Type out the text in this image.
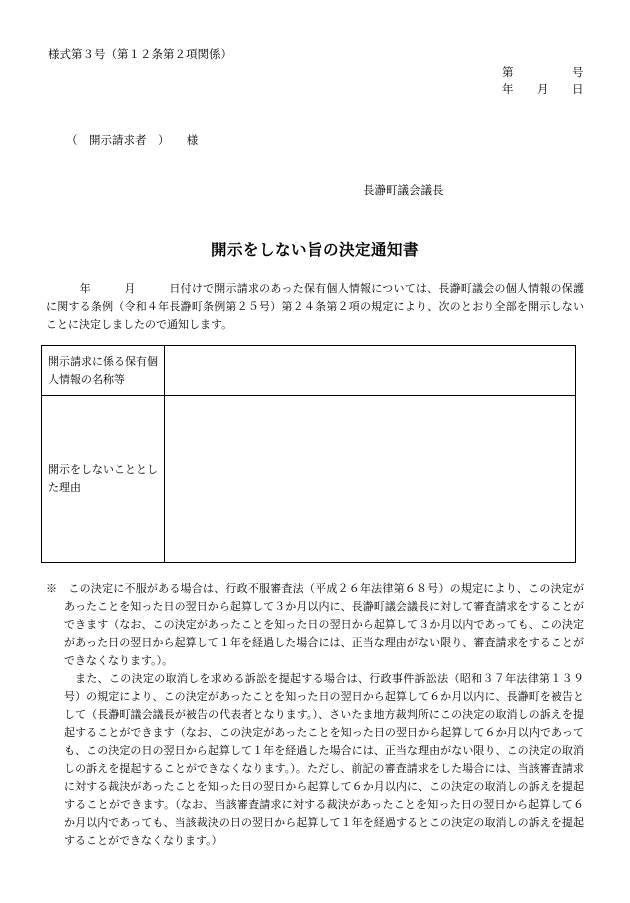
様式第３号（第１２条第２項関係）
第	号
年 月 日
（　開示請求者　）　　様
長瀞町議会議長
開示をしない旨の決定通知書

　　　年　　　月　　　日付けで開示請求のあった保有個人情報については、長瀞町議会の個人情報の保護に関する条例（令和４年長瀞町条例第２５号）第２４条第２項の規定により、次のとおり全部を開示しないことに決定しましたので通知します。

開示請求に係る保有個人情報の名称等	
開示をしないこととした理由	

※　この決定に不服がある場合は、行政不服審査法（平成２６年法律第６８号）の規定により、この決定があったことを知った日の翌日から起算して３か月以内に、長瀞町議会議長に対して審査請求をすることができます（なお、この決定があったことを知った日の翌日から起算して３か月以内であっても、この決定があった日の翌日から起算して１年を経過した場合には、正当な理由がない限り、審査請求をすることができなくなります。）。

また、この決定の取消しを求める訴訟を提起する場合は、行政事件訴訟法（昭和３７年法律第１３９号）の規定により、この決定があったことを知った日の翌日から起算して６か月以内に、長瀞町を被告として（長瀞町議会議長が被告の代表者となります。）、さいたま地方裁判所にこの決定の取消しの訴えを提起することができます（なお、この決定があったことを知った日の翌日から起算して６か月以内であっても、この決定の日の翌日から起算して１年を経過した場合には、正当な理由がない限り、この決定の取消しの訴えを提起することができなくなります。）。ただし、前記の審査請求をした場合には、当該審査請求に対する裁決があったことを知った日の翌日から起算して６か月以内に、この決定の取消しの訴えを提起することができます。（なお、当該審査請求に対する裁決があったことを知った日の翌日から起算して６か月以内であっても、当該裁決の日の翌日から起算して１年を経過するとこの決定の取消しの訴えを提起することができなくなります。）
